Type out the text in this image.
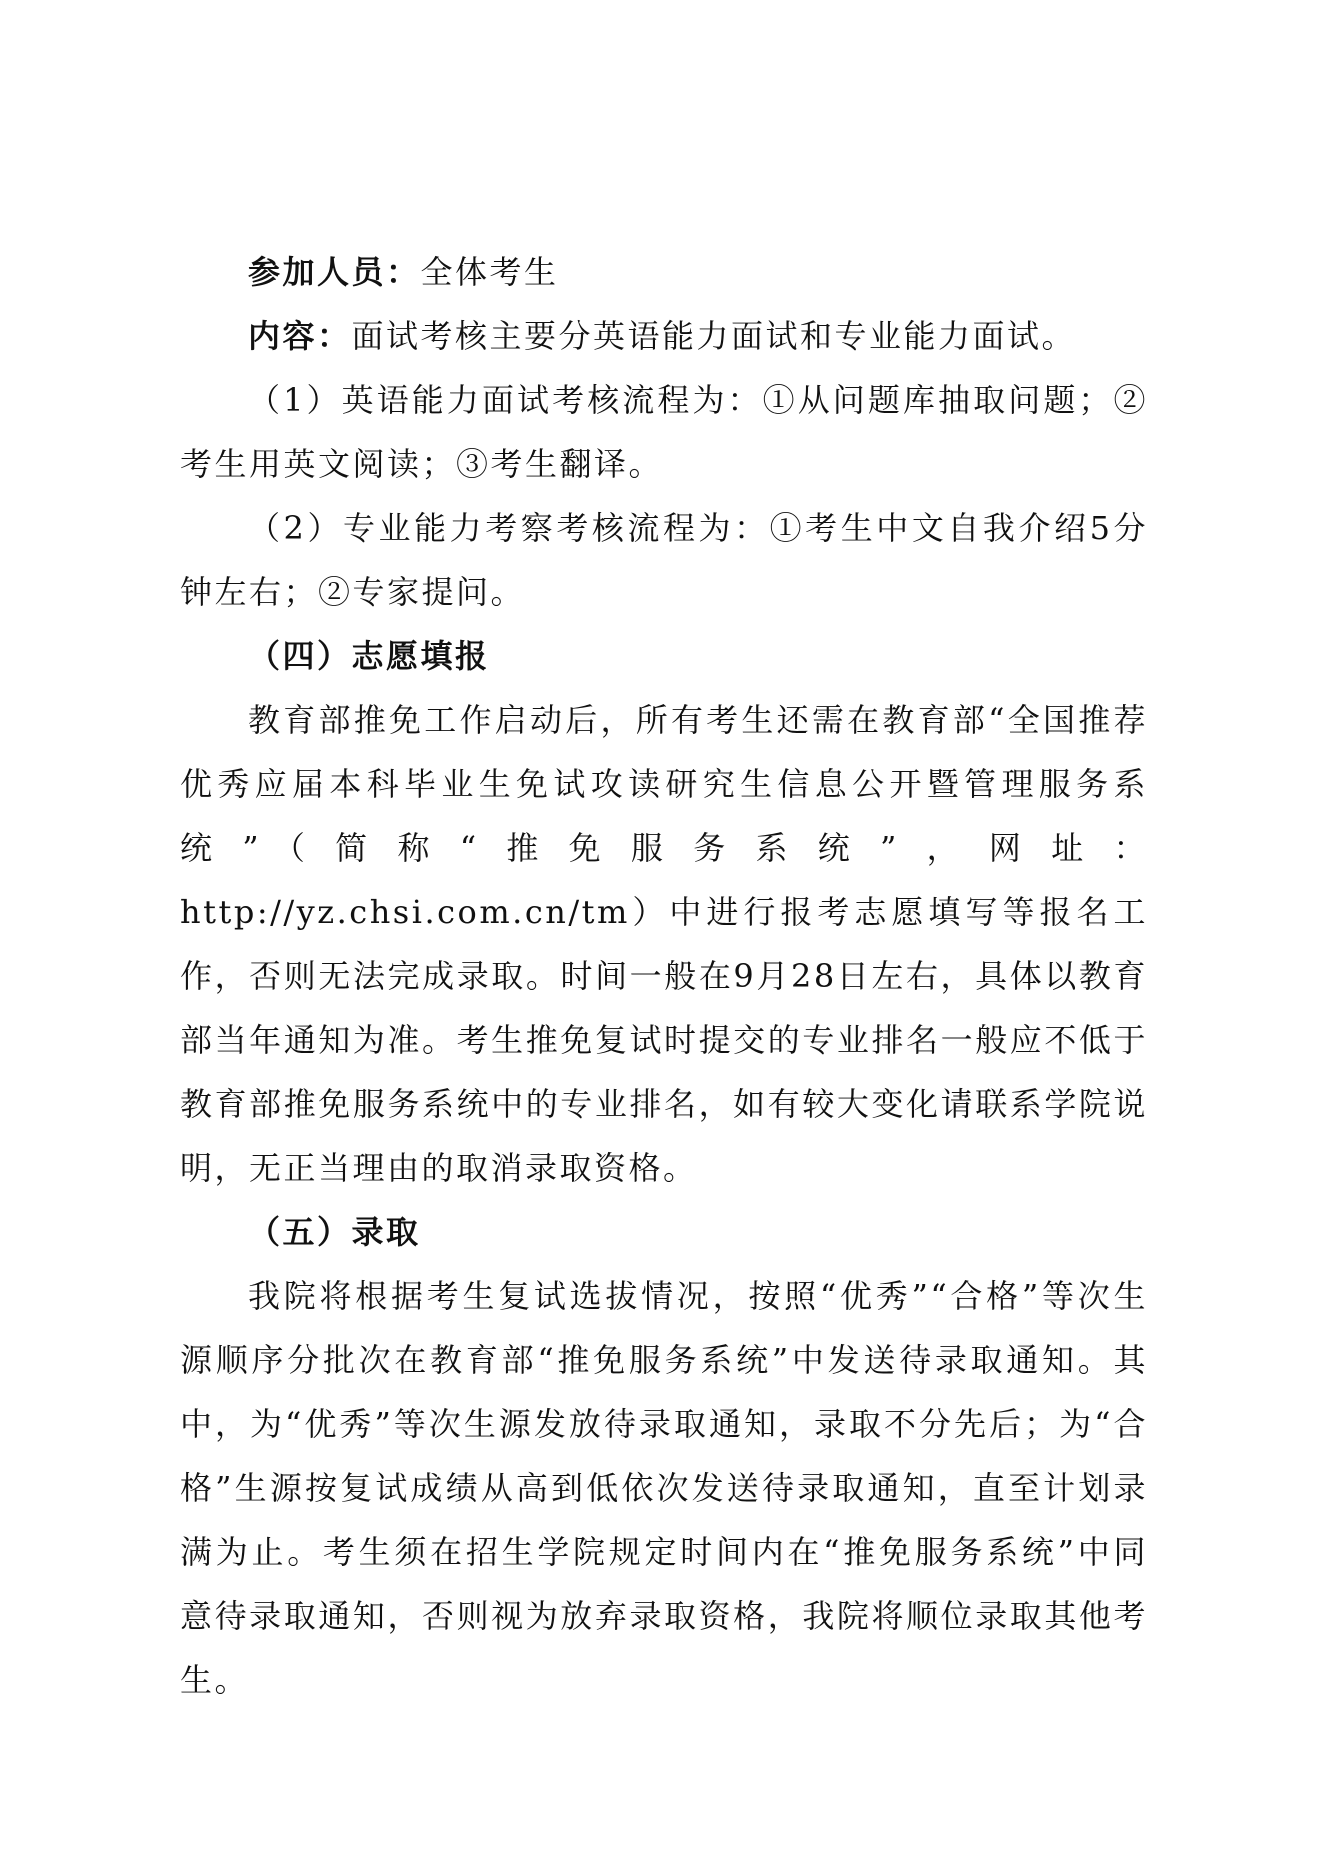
参加人员：全体考生

内容：面试考核主要分英语能力面试和专业能力面试。

（1）英语能力面试考核流程为：①从问题库抽取问题；②考生用英文阅读；③考生翻译。

（2）专业能力考察考核流程为：①考生中文自我介绍5分钟左右；②专家提问。

（四）志愿填报

教育部推免工作启动后，所有考生还需在教育部“全国推荐优秀应届本科毕业生免试攻读研究生信息公开暨管理服务系统”（简称“推免服务系统”，网址：http://yz.chsi.com.cn/tm）中进行报考志愿填写等报名工作，否则无法完成录取。时间一般在9月28日左右，具体以教育部当年通知为准。考生推免复试时提交的专业排名一般应不低于教育部推免服务系统中的专业排名，如有较大变化请联系学院说明，无正当理由的取消录取资格。

（五）录取

我院将根据考生复试选拔情况，按照“优秀”“合格”等次生源顺序分批次在教育部“推免服务系统”中发送待录取通知。其中，为“优秀”等次生源发放待录取通知，录取不分先后；为“合格”生源按复试成绩从高到低依次发送待录取通知，直至计划录满为止。考生须在招生学院规定时间内在“推免服务系统”中同意待录取通知，否则视为放弃录取资格，我院将顺位录取其他考生。
